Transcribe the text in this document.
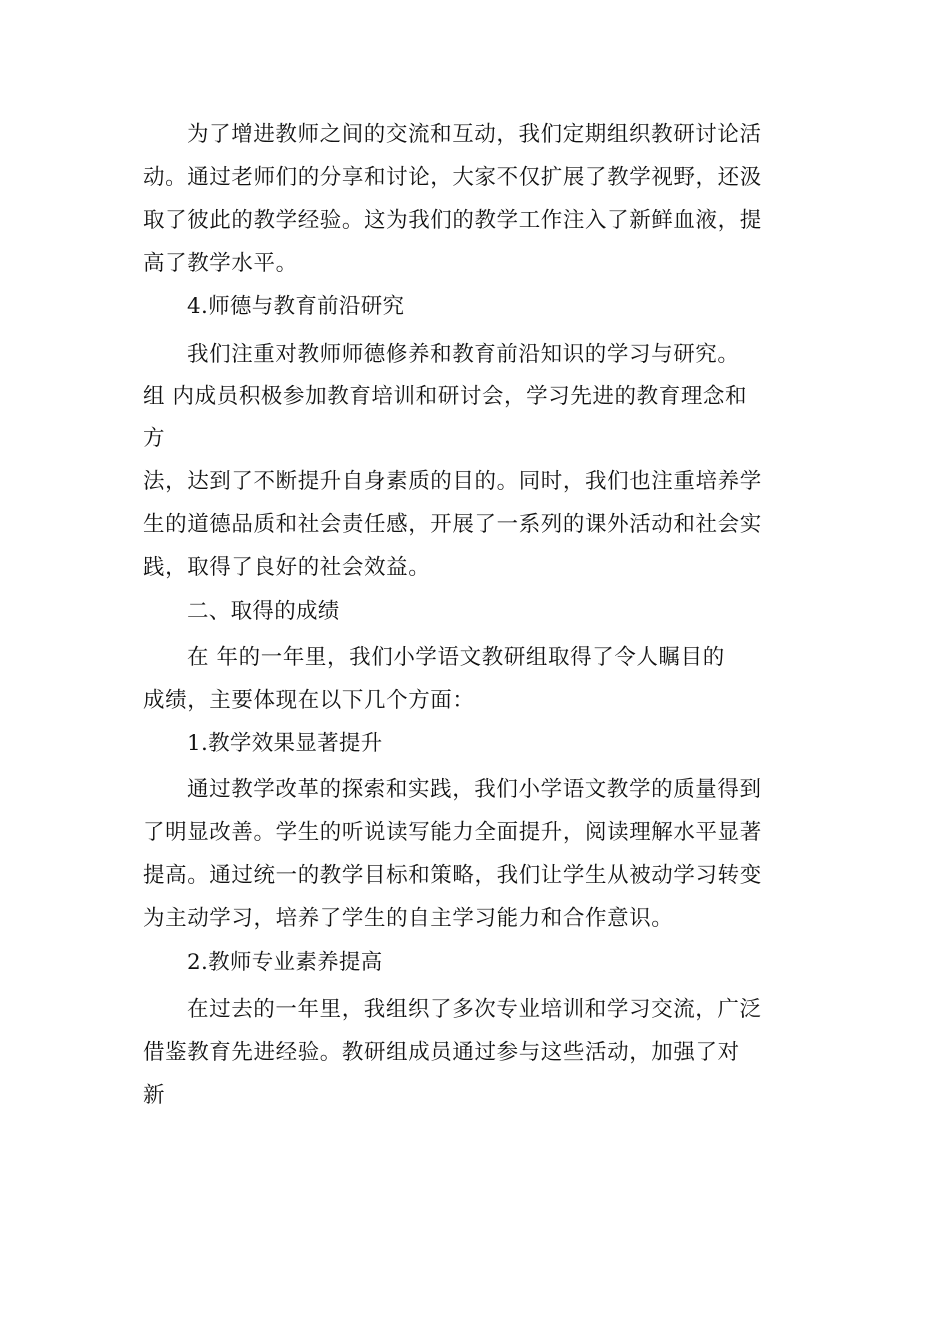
为了增进教师之间的交流和互动，我们定期组织教研讨论活
动。通过老师们的分享和讨论，大家不仅扩展了教学视野，还汲
取了彼此的教学经验。这为我们的教学工作注入了新鲜血液，提
高了教学水平。
4.师德与教育前沿研究
我们注重对教师师德修养和教育前沿知识的学习与研究。
组 内成员积极参加教育培训和研讨会，学习先进的教育理念和
方
法，达到了不断提升自身素质的目的。同时，我们也注重培养学
生的道德品质和社会责任感，开展了一系列的课外活动和社会实
践，取得了良好的社会效益。
二、取得的成绩
在 年的一年里，我们小学语文教研组取得了令人瞩目的
成绩，主要体现在以下几个方面：
1.教学效果显著提升
通过教学改革的探索和实践，我们小学语文教学的质量得到
了明显改善。学生的听说读写能力全面提升，阅读理解水平显著
提高。通过统一的教学目标和策略，我们让学生从被动学习转变
为主动学习，培养了学生的自主学习能力和合作意识。
2.教师专业素养提高
在过去的一年里，我组织了多次专业培训和学习交流，广泛
借鉴教育先进经验。教研组成员通过参与这些活动，加强了对
新
